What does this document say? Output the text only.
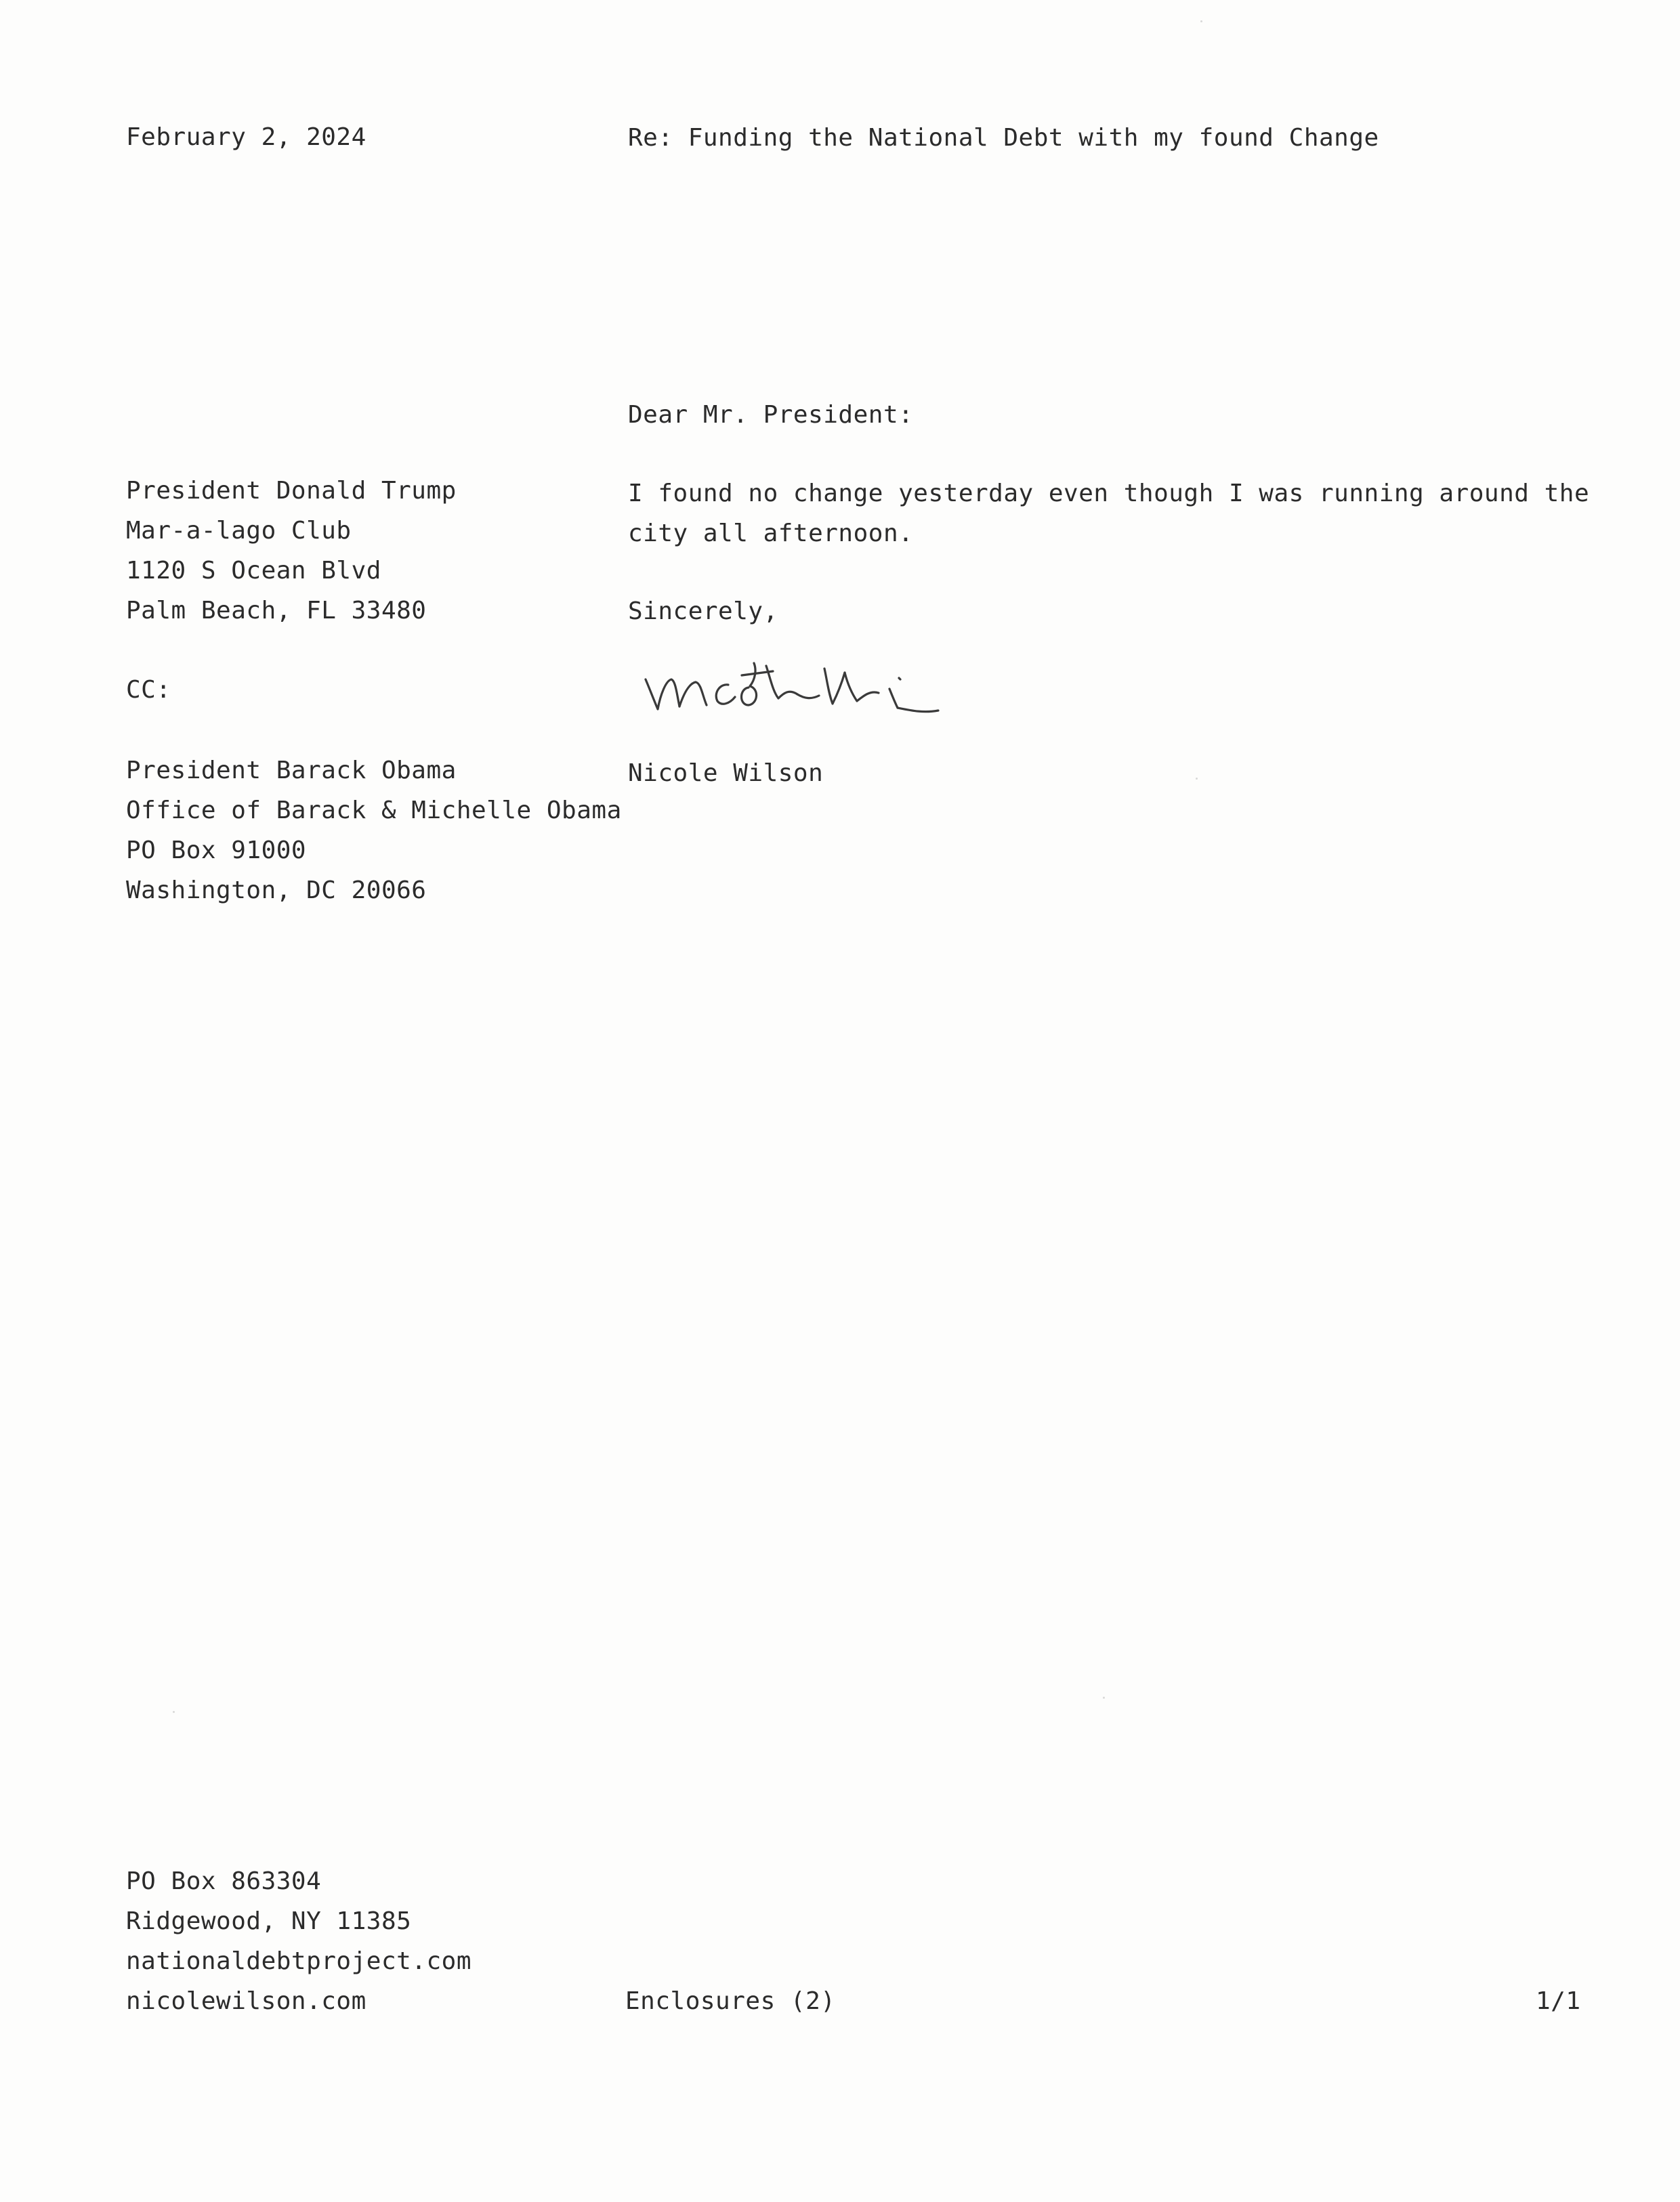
February 2, 2024	Re: Funding the National Debt with my found Change
Dear Mr. President:
President Donald Trump
Mar-a-lago Club
1120 S Ocean Blvd
Palm Beach, FL 33480
I found no change yesterday even though I was running around the
city all afternoon.
Sincerely,
CC:
Nicole Wilson
President Barack Obama
Office of Barack & Michelle Obama
PO Box 91000
Washington, DC 20066
PO Box 863304
Ridgewood, NY 11385
nationaldebtproject.com
nicolewilson.com	Enclosures (2)	1/1
